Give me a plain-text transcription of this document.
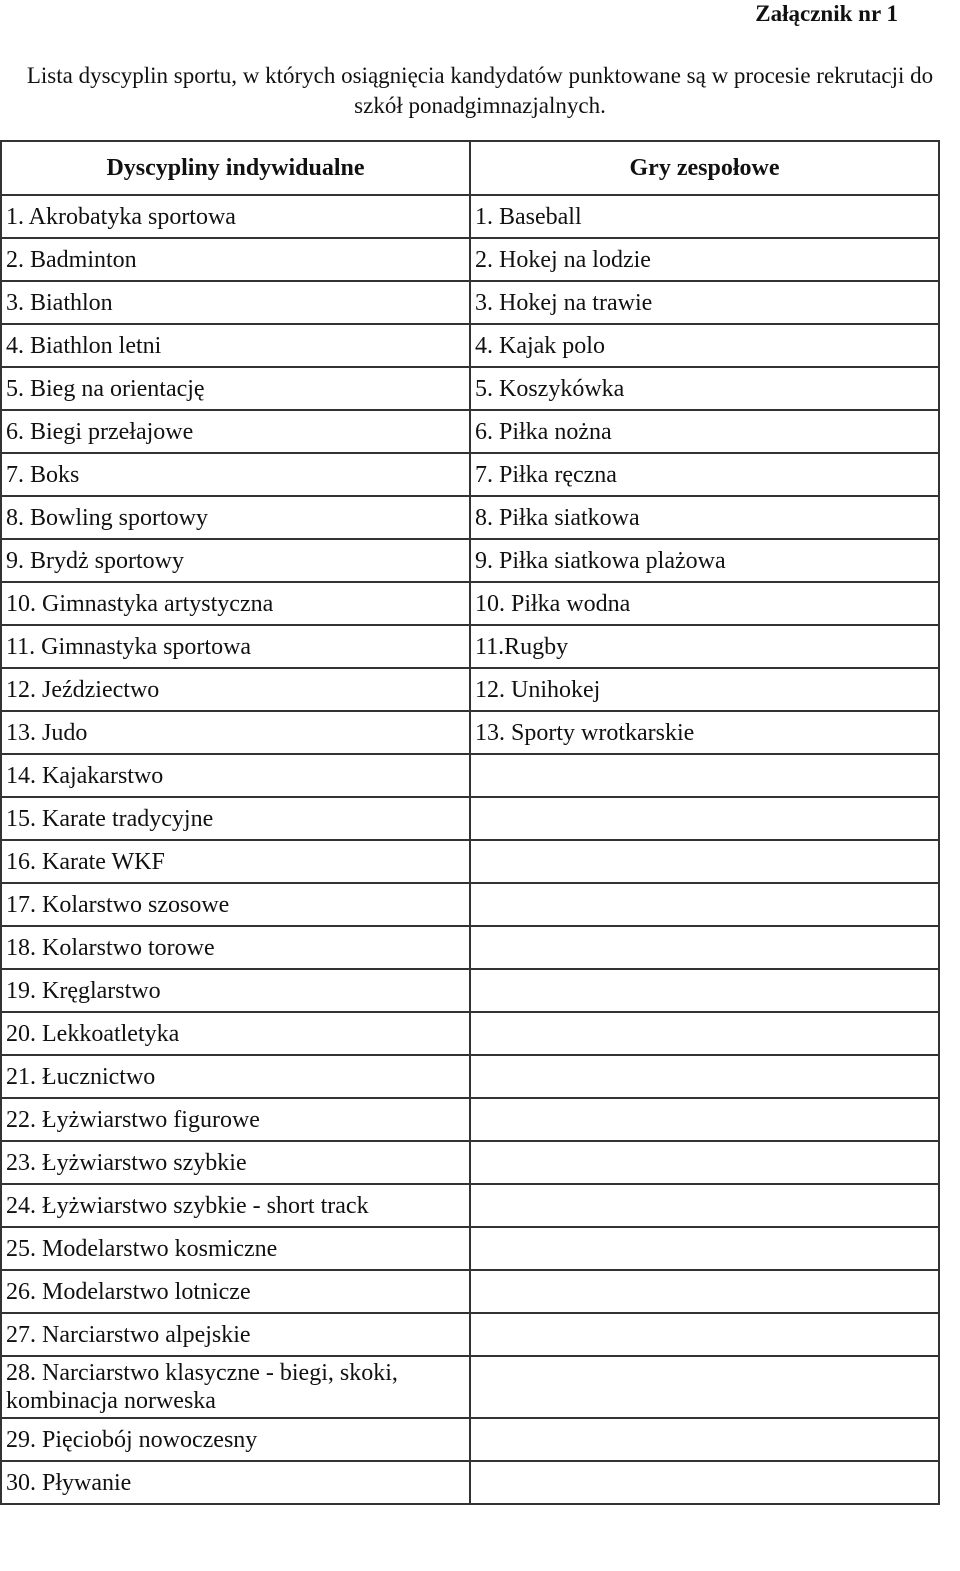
Załącznik nr 1
Lista dyscyplin sportu, w których osiągnięcia kandydatów punktowane są w procesie rekrutacji do szkół ponadgimnazjalnych.
Dyscypliny indywidualne	Gry zespołowe
1. Akrobatyka sportowa	1. Baseball
2. Badminton	2. Hokej na lodzie
3. Biathlon	3. Hokej na trawie
4. Biathlon letni	4. Kajak polo
5. Bieg na orientację	5. Koszykówka
6. Biegi przełajowe	6. Piłka nożna
7. Boks	7. Piłka ręczna
8. Bowling sportowy	8. Piłka siatkowa
9. Brydż sportowy	9. Piłka siatkowa plażowa
10. Gimnastyka artystyczna	10. Piłka wodna
11. Gimnastyka sportowa	11.Rugby
12. Jeździectwo	12. Unihokej
13. Judo	13. Sporty wrotkarskie
14. Kajakarstwo	
15. Karate tradycyjne	
16. Karate WKF	
17. Kolarstwo szosowe	
18. Kolarstwo torowe	
19. Kręglarstwo	
20. Lekkoatletyka	
21. Łucznictwo	
22. Łyżwiarstwo figurowe	
23. Łyżwiarstwo szybkie	
24. Łyżwiarstwo szybkie - short track	
25. Modelarstwo kosmiczne	
26. Modelarstwo lotnicze	
27. Narciarstwo alpejskie	
28. Narciarstwo klasyczne - biegi, skoki, kombinacja norweska	
29. Pięciobój nowoczesny	
30. Pływanie	
